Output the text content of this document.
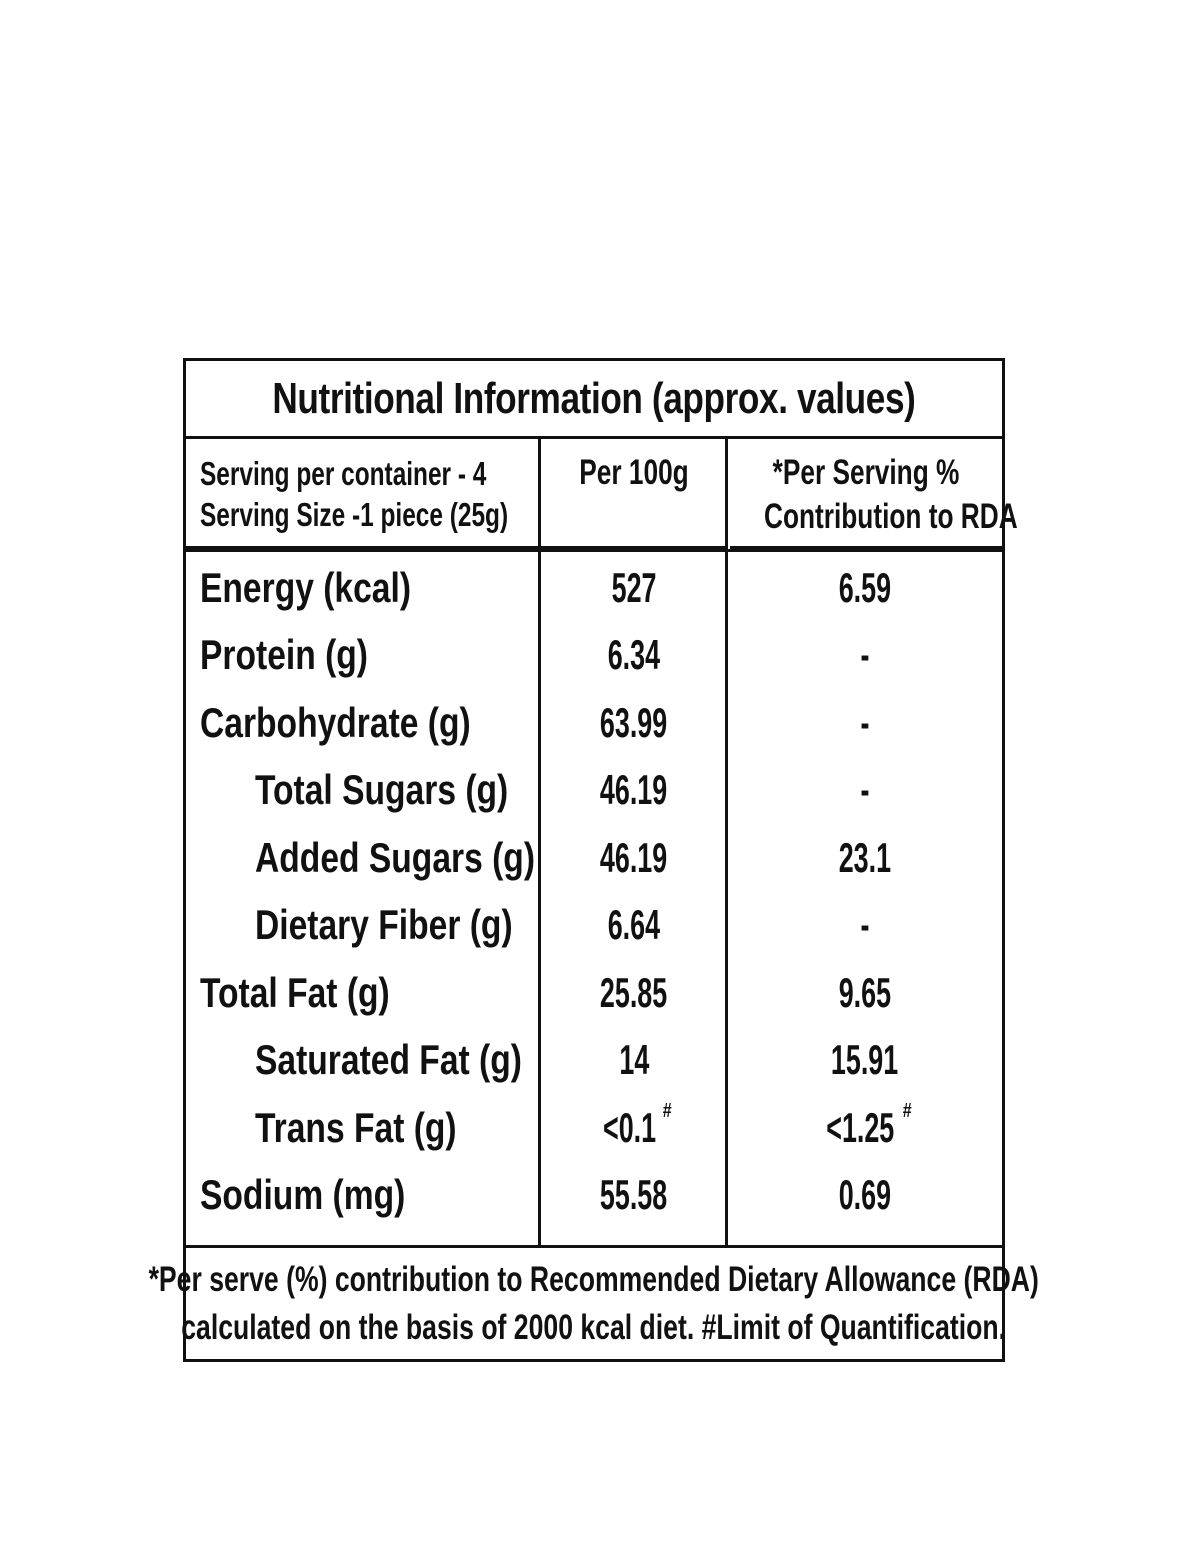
Nutritional Information (approx. values)
Serving per container - 4
Serving Size -1 piece (25g)
Per 100g	*Per Serving %
Contribution to RDA
Energy (kcal)	527	6.59
Protein (g)	6.34	-
Carbohydrate (g)	63.99	-
Total Sugars (g) 46.19	-
Added Sugars (g) 46.19	23.1
Dietary Fiber (g) 6.64	-
Total Fat (g)	25.85	9.65
Saturated Fat (g) 14	15.91
Trans Fat (g)	<0.1 #	<1.25 #
Sodium (mg)	55.58	0.69
*Per serve (%) contribution to Recommended Dietary Allowance (RDA)
calculated on the basis of 2000 kcal diet. #Limit of Quantification.
